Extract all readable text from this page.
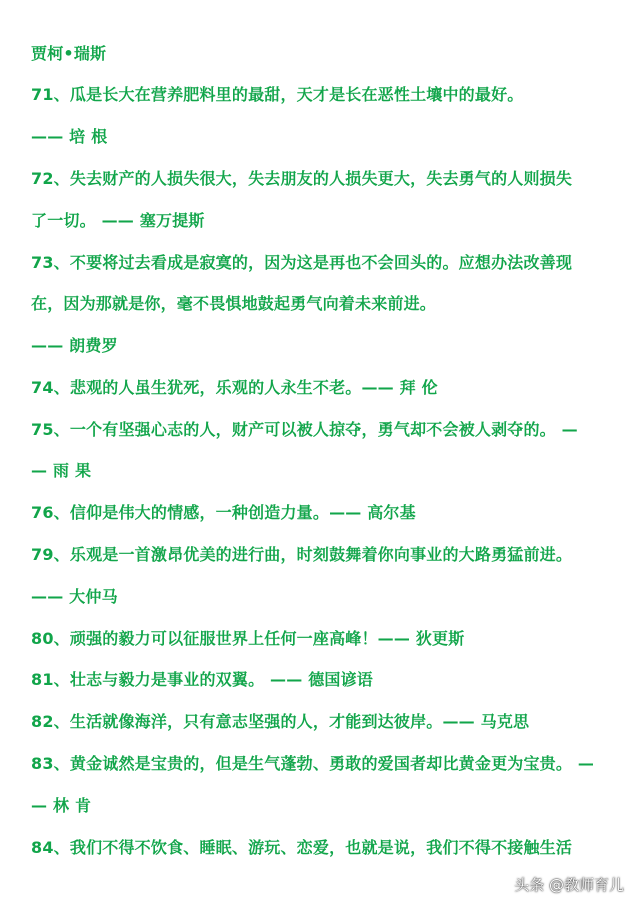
贾柯•瑞斯
71、瓜是长大在营养肥料里的最甜，天才是长在恶性土壤中的最好。
—— 培 根
72、失去财产的人损失很大，失去朋友的人损失更大，失去勇气的人则损失
了一切。 —— 塞万提斯
73、不要将过去看成是寂寞的，因为这是再也不会回头的。应想办法改善现
在，因为那就是你，毫不畏惧地鼓起勇气向着未来前进。
—— 朗费罗
74、悲观的人虽生犹死，乐观的人永生不老。—— 拜 伦
75、一个有坚强心志的人，财产可以被人掠夺，勇气却不会被人剥夺的。 —
— 雨 果
76、信仰是伟大的情感，一种创造力量。—— 高尔基
79、乐观是一首激昂优美的进行曲，时刻鼓舞着你向事业的大路勇猛前进。
—— 大仲马
80、顽强的毅力可以征服世界上任何一座高峰！—— 狄更斯
81、壮志与毅力是事业的双翼。 —— 德国谚语
82、生活就像海洋，只有意志坚强的人，才能到达彼岸。—— 马克思
83、黄金诚然是宝贵的，但是生气蓬勃、勇敢的爱国者却比黄金更为宝贵。 —
— 林 肯
84、我们不得不饮食、睡眠、游玩、恋爱，也就是说，我们不得不接触生活
头条 @教师育儿
